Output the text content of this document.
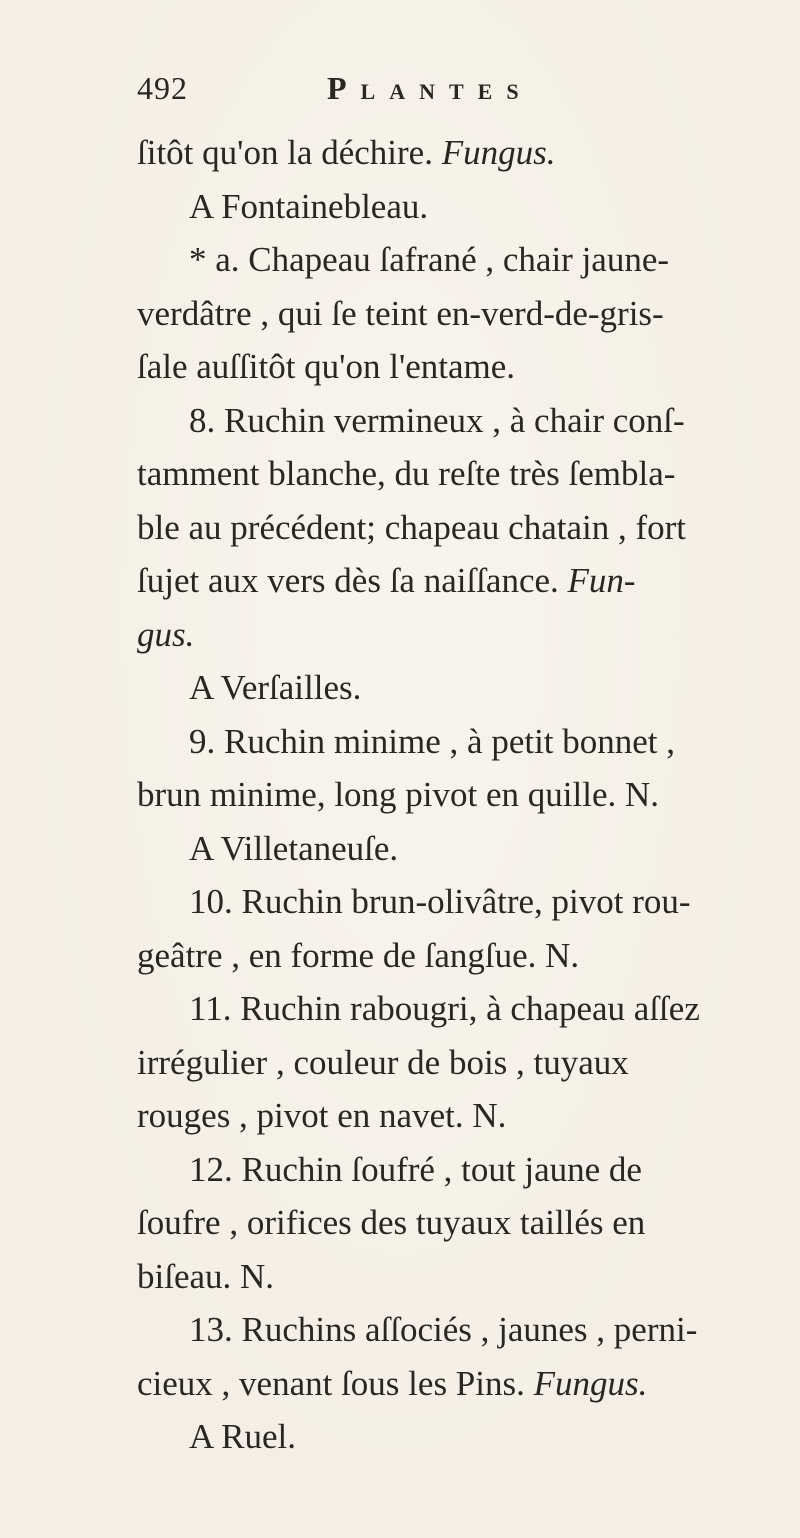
492	Plantes
ſitôt qu'on la déchire. Fungus.
A Fontainebleau.
* a. Chapeau ſafrané , chair jaune-
verdâtre , qui ſe teint en-verd-de-gris-
ſale auſſitôt qu'on l'entame.
8. Ruchin vermineux , à chair conſ-
tamment blanche, du reſte très ſembla-
ble au précédent; chapeau chatain , fort
ſujet aux vers dès ſa naiſſance. Fun-
gus.
A Verſailles.
9. Ruchin minime , à petit bonnet ,
brun minime, long pivot en quille. N.
A Villetaneuſe.
10. Ruchin brun-olivâtre, pivot rou-
geâtre , en forme de ſangſue. N.
11. Ruchin rabougri, à chapeau aſſez
irrégulier , couleur de bois , tuyaux
rouges , pivot en navet. N.
12. Ruchin ſoufré , tout jaune de
ſoufre , orifices des tuyaux taillés en
biſeau. N.
13. Ruchins aſſociés , jaunes , perni-
cieux , venant ſous les Pins. Fungus.
A Ruel.
